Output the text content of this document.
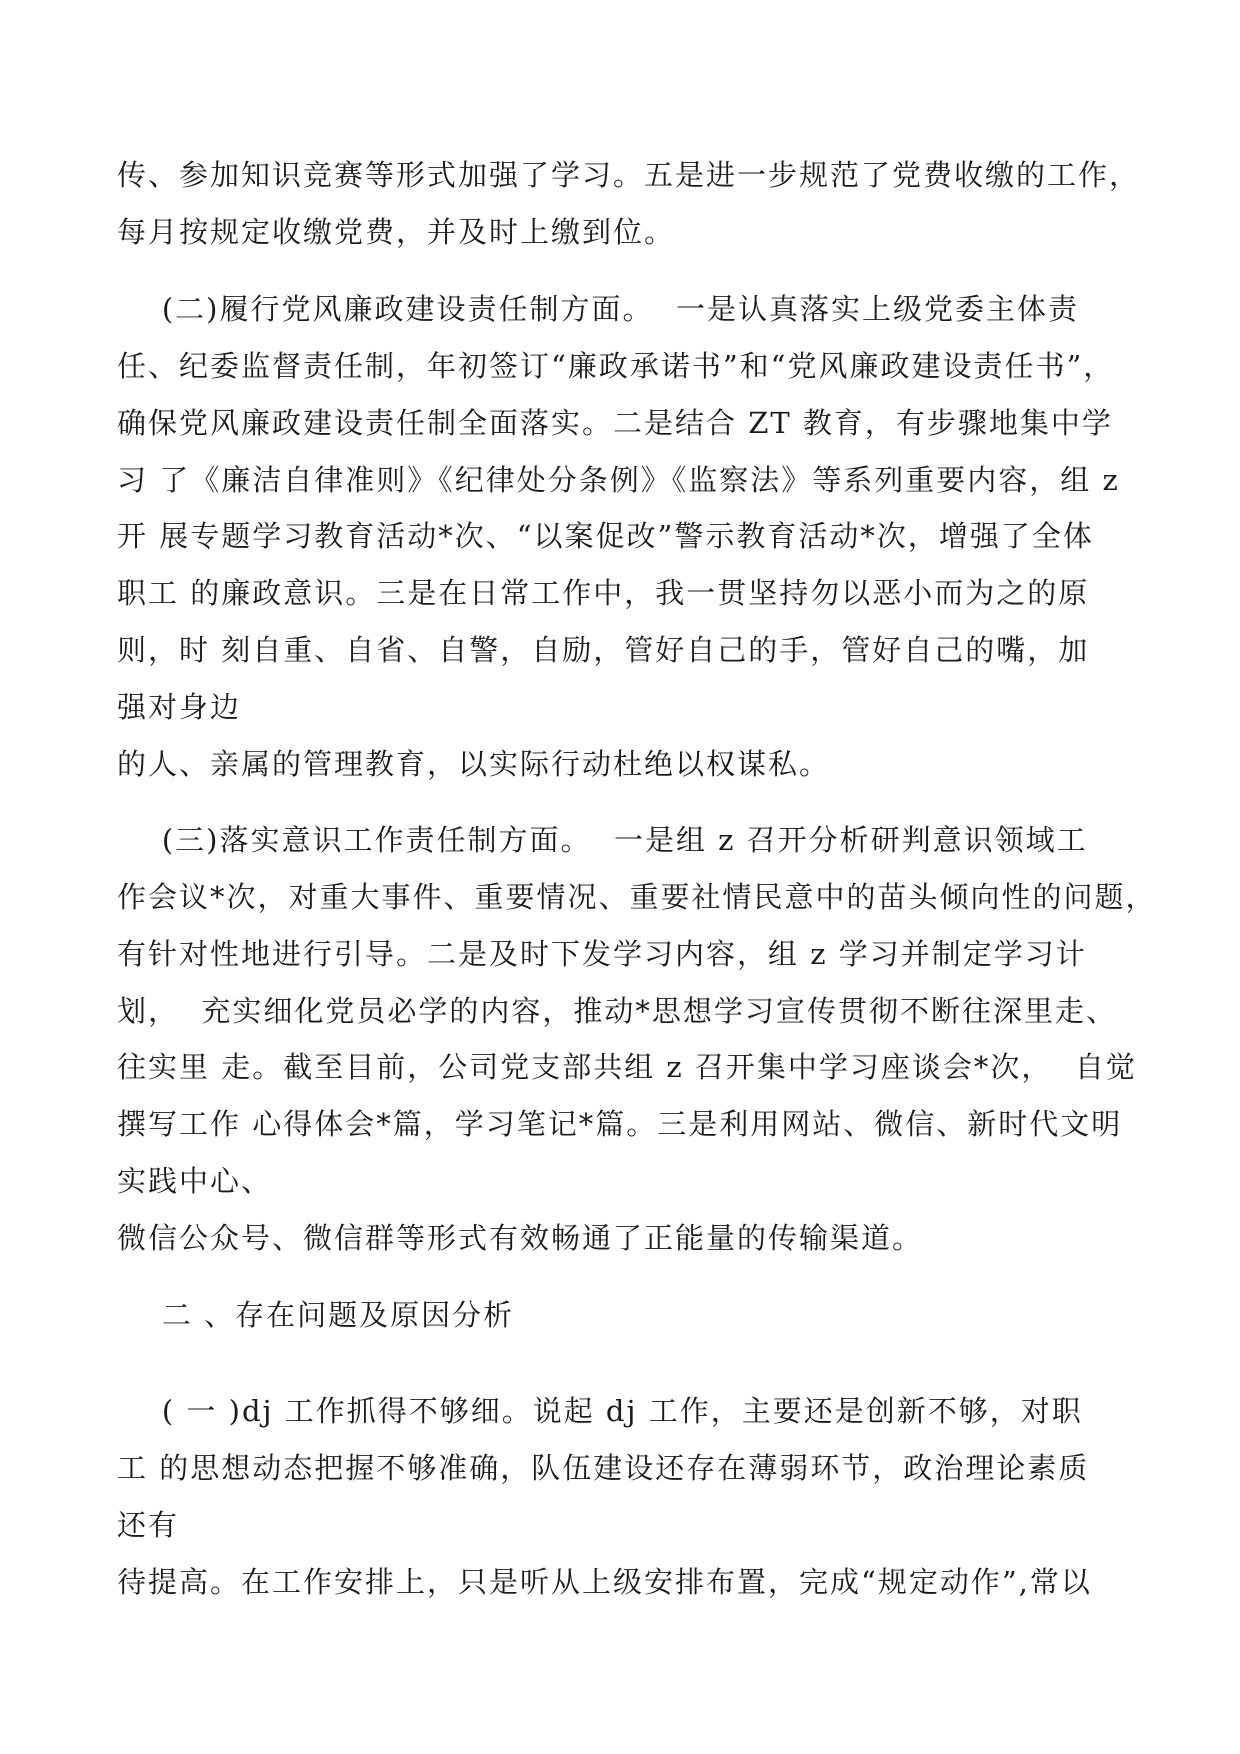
传、参加知识竞赛等形式加强了学习。五是进一步规范了党费收缴的工作，
每月按规定收缴党费，并及时上缴到位。
(二)履行党风廉政建设责任制方面。  一是认真落实上级党委主体责
任、纪委监督责任制，年初签订“廉政承诺书”和“党风廉政建设责任书”，
确保党风廉政建设责任制全面落实。二是结合 ZT 教育，有步骤地集中学
习 了《廉洁自律准则》《纪律处分条例》《监察法》等系列重要内容，组 z
开 展专题学习教育活动*次、“以案促改”警示教育活动*次，增强了全体
职工 的廉政意识。三是在日常工作中，我一贯坚持勿以恶小而为之的原
则，时 刻自重、自省、自警，自励，管好自己的手，管好自己的嘴，加
强对身边
的人、亲属的管理教育，以实际行动杜绝以权谋私。
(三)落实意识工作责任制方面。  一是组 z 召开分析研判意识领域工
作会议*次，对重大事件、重要情况、重要社情民意中的苗头倾向性的问题，
有针对性地进行引导。二是及时下发学习内容，组 z 学习并制定学习计
划，  充实细化党员必学的内容，推动*思想学习宣传贯彻不断往深里走、
往实里 走。截至目前，公司党支部共组 z 召开集中学习座谈会*次，  自觉
撰写工作 心得体会*篇，学习笔记*篇。三是利用网站、微信、新时代文明
实践中心、
微信公众号、微信群等形式有效畅通了正能量的传输渠道。
二 、存在问题及原因分析
( 一 )dj 工作抓得不够细。说起 dj 工作，主要还是创新不够，对职
工 的思想动态把握不够准确，队伍建设还存在薄弱环节，政治理论素质
还有
待提高。在工作安排上，只是听从上级安排布置，完成“规定动作”,常以
